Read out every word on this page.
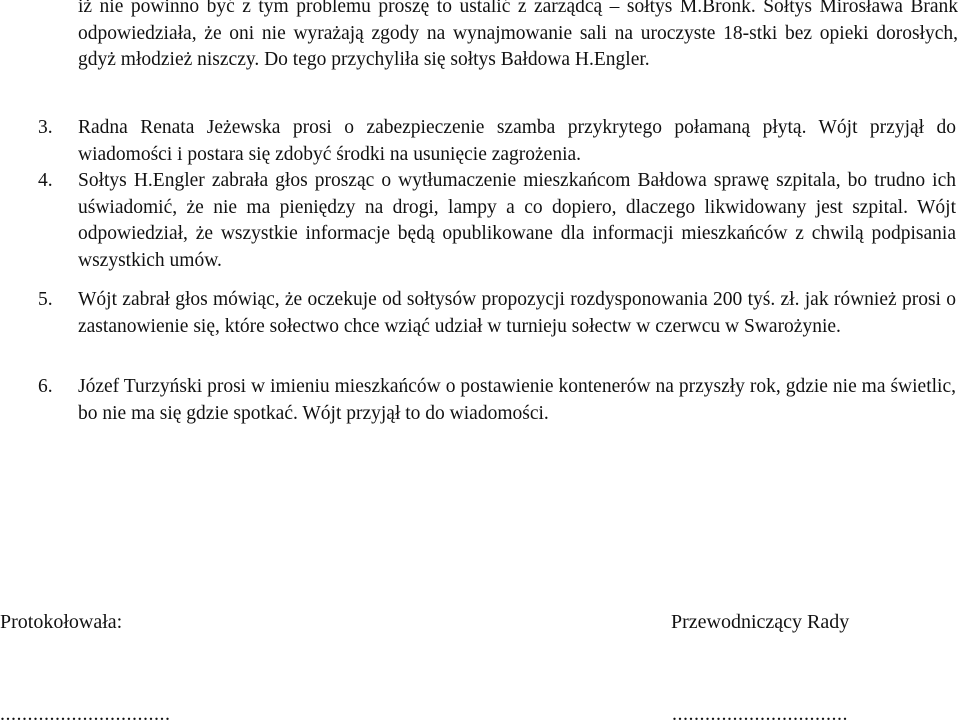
iż nie powinno być z tym problemu proszę to ustalić z zarządcą – sołtys M.Bronk. Sołtys Mirosława Brank odpowiedziała, że oni nie wyrażają zgody na wynajmowanie sali na uroczyste 18-stki bez opieki dorosłych, gdyż młodzież niszczy. Do tego przychyliła się sołtys Bałdowa H.Engler.
3.	Radna Renata Jeżewska prosi o zabezpieczenie szamba przykrytego połamaną płytą. Wójt przyjął do wiadomości i postara się zdobyć środki na usunięcie zagrożenia.
4.	Sołtys H.Engler zabrała głos prosząc o wytłumaczenie mieszkańcom Bałdowa sprawę szpitala, bo trudno ich uświadomić, że nie ma pieniędzy na drogi, lampy a co dopiero, dlaczego likwidowany jest szpital. Wójt odpowiedział, że wszystkie informacje będą opublikowane dla informacji mieszkańców z chwilą podpisania wszystkich umów.
5.	Wójt zabrał głos mówiąc, że oczekuje od sołtysów propozycji rozdysponowania 200 tyś. zł. jak również prosi o zastanowienie się, które sołectwo chce wziąć udział w turnieju sołectw w czerwcu w Swarożynie.
6.	Józef Turzyński prosi w imieniu mieszkańców o postawienie kontenerów na przyszły rok, gdzie nie ma świetlic, bo nie ma się gdzie spotkać. Wójt przyjął to do wiadomości.
Protokołowała:	Przewodniczący Rady
...............................	................................
